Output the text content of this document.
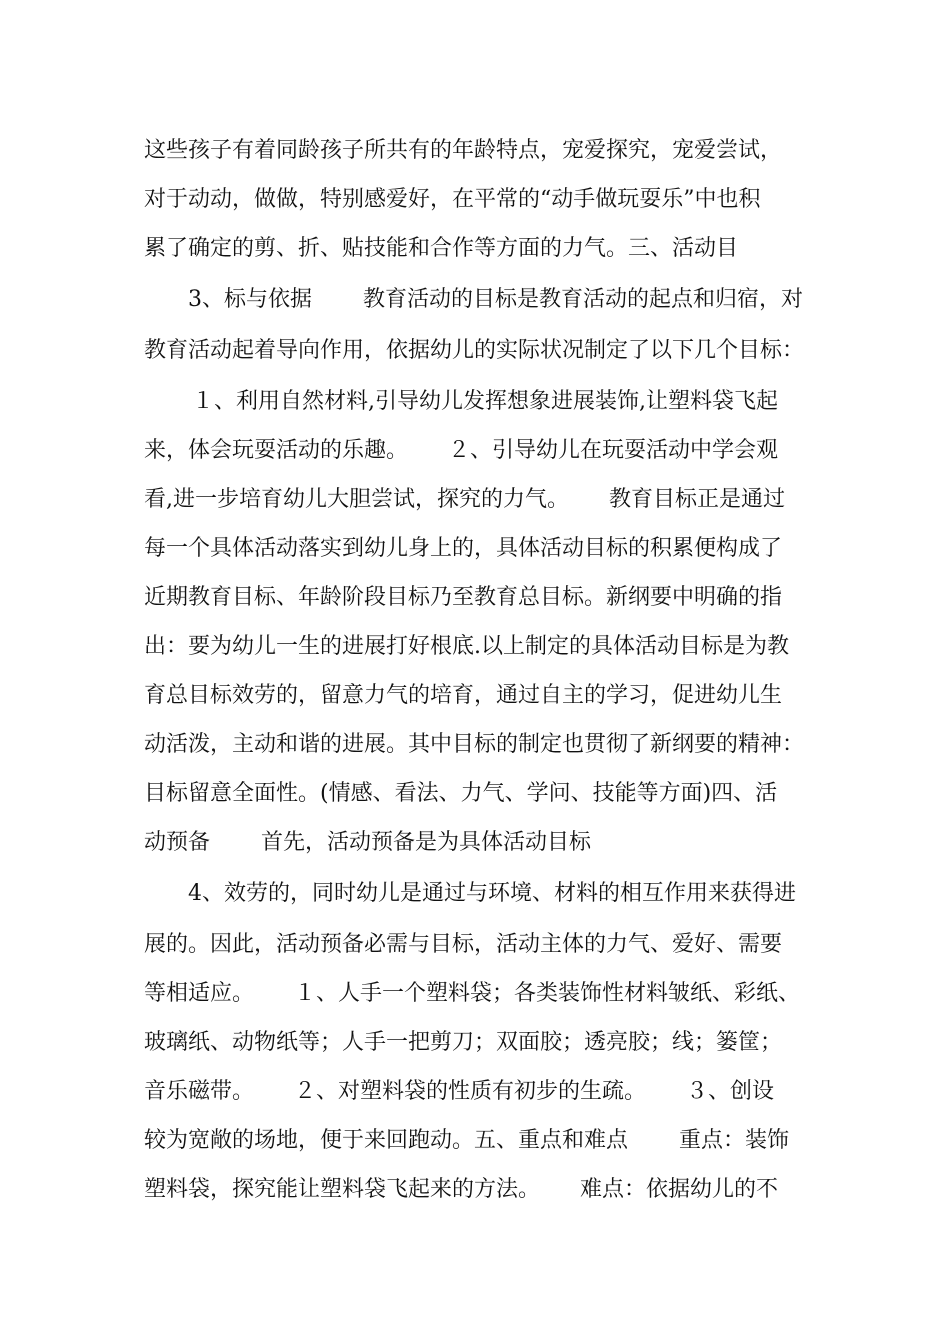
这些孩子有着同龄孩子所共有的年龄特点，宠爱探究，宠爱尝试，
对于动动，做做，特别感爱好，在平常的“动手做玩耍乐”中也积
累了确定的剪、折、贴技能和合作等方面的力气。三、活动目
3、标与依据　　 教育活动的目标是教育活动的起点和归宿，对
教育活动起着导向作用，依据幼儿的实际状况制定了以下几个目标：
１、利用自然材料,引导幼儿发挥想象进展装饰,让塑料袋飞起
来，体会玩耍活动的乐趣。　　 ２、引导幼儿在玩耍活动中学会观
看,进一步培育幼儿大胆尝试，探究的力气。　　 教育目标正是通过
每一个具体活动落实到幼儿身上的，具体活动目标的积累便构成了
近期教育目标、年龄阶段目标乃至教育总目标。新纲要中明确的指
出：要为幼儿一生的进展打好根底.以上制定的具体活动目标是为教
育总目标效劳的，留意力气的培育，通过自主的学习，促进幼儿生
动活泼，主动和谐的进展。其中目标的制定也贯彻了新纲要的精神：
目标留意全面性。(情感、看法、力气、学问、技能等方面)四、活
动预备　　 首先，活动预备是为具体活动目标
4、效劳的，同时幼儿是通过与环境、材料的相互作用来获得进
展的。因此，活动预备必需与目标，活动主体的力气、爱好、需要
等相适应。　　 １、人手一个塑料袋；各类装饰性材料皱纸、彩纸、
玻璃纸、动物纸等；人手一把剪刀；双面胶；透亮胶；线；篓筐；
音乐磁带。　　 ２、对塑料袋的性质有初步的生疏。　　 ３、创设
较为宽敞的场地，便于来回跑动。五、重点和难点　　 重点：装饰
塑料袋，探究能让塑料袋飞起来的方法。　　 难点：依据幼儿的不
